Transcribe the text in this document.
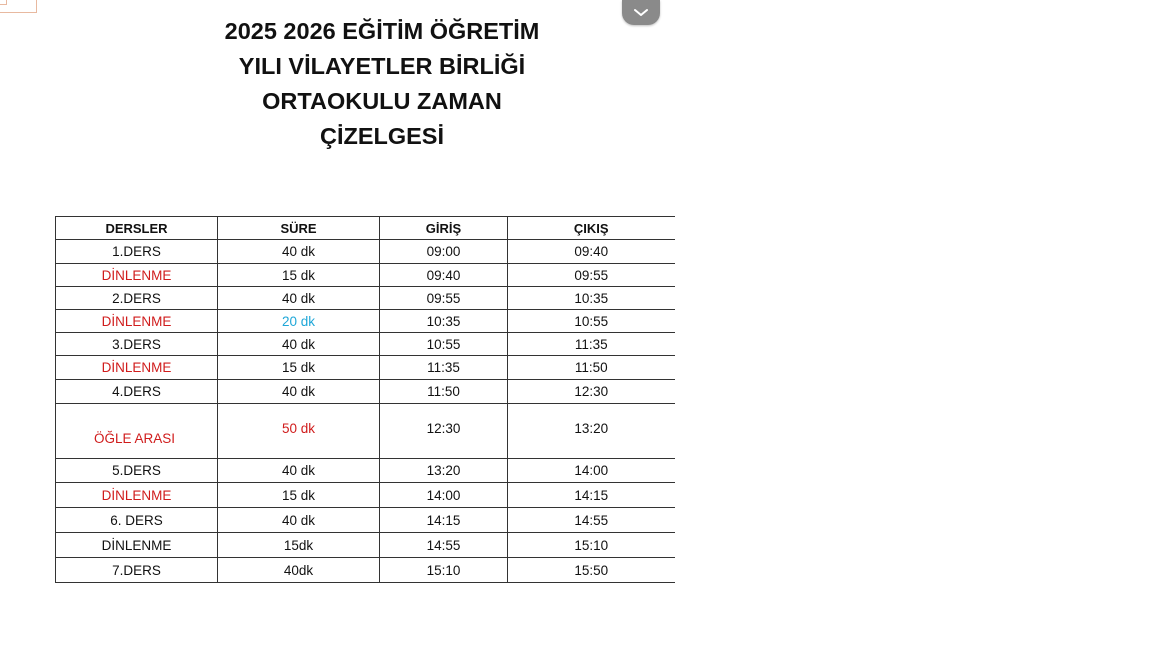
2025 2026 EĞİTİM ÖĞRETİM
YILI VİLAYETLER BİRLİĞİ
ORTAOKULU ZAMAN
ÇİZELGESİ
DERSLER	SÜRE	GİRİŞ	ÇIKIŞ
1.DERS	40 dk	09:00	09:40
DİNLENME	15 dk	09:40	09:55
2.DERS	40 dk	09:55	10:35
DİNLENME	20 dk	10:35	10:55
3.DERS	40 dk	10:55	11:35
DİNLENME	15 dk	11:35	11:50
4.DERS	40 dk	11:50	12:30
ÖĞLE ARASI	50 dk	12:30	13:20
5.DERS	40 dk	13:20	14:00
DİNLENME	15 dk	14:00	14:15
6. DERS	40 dk	14:15	14:55
DİNLENME	15dk	14:55	15:10
7.DERS	40dk	15:10	15:50
